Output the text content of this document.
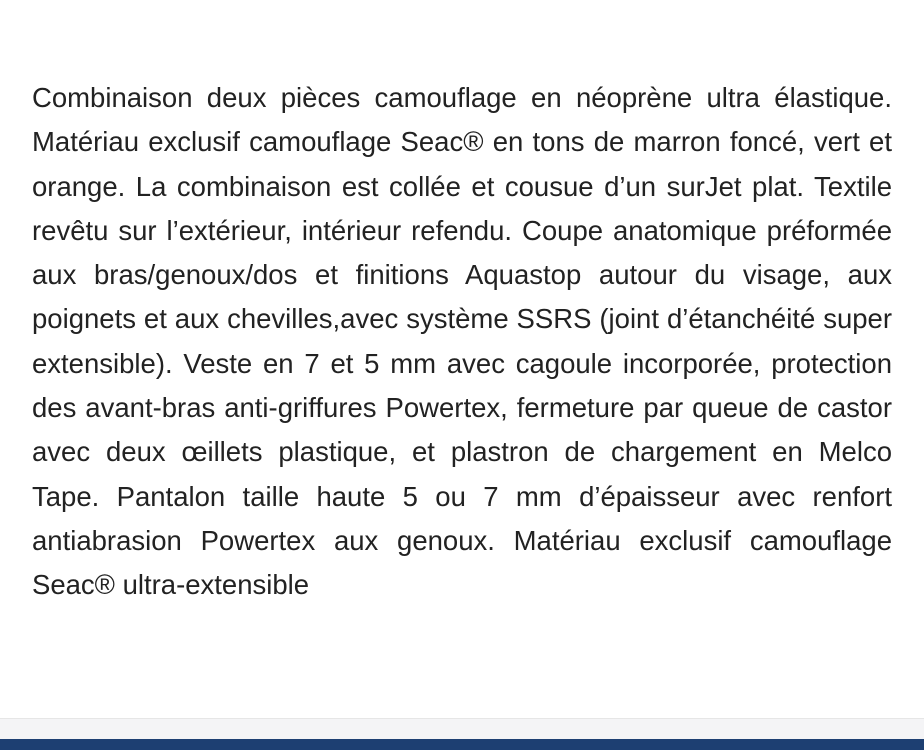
Combinaison deux pièces camouflage en néoprène ultra élastique. Matériau exclusif camouflage Seac® en tons de marron foncé, vert et orange. La combinaison est collée et cousue d’un surJet plat. Textile revêtu sur l’extérieur, intérieur refendu. Coupe anatomique préformée aux bras/genoux/dos et finitions Aquastop autour du visage, aux poignets et aux chevilles,avec système SSRS (joint d’étanchéité super extensible). Veste en 7 et 5 mm avec cagoule incorporée, protection des avant-bras anti-griffures Powertex, fermeture par queue de castor avec deux œillets plastique, et plastron de chargement en Melco Tape. Pantalon taille haute 5 ou 7 mm d’épaisseur avec renfort antiabrasion Powertex aux genoux. Matériau exclusif camouflage Seac® ultra-extensible
